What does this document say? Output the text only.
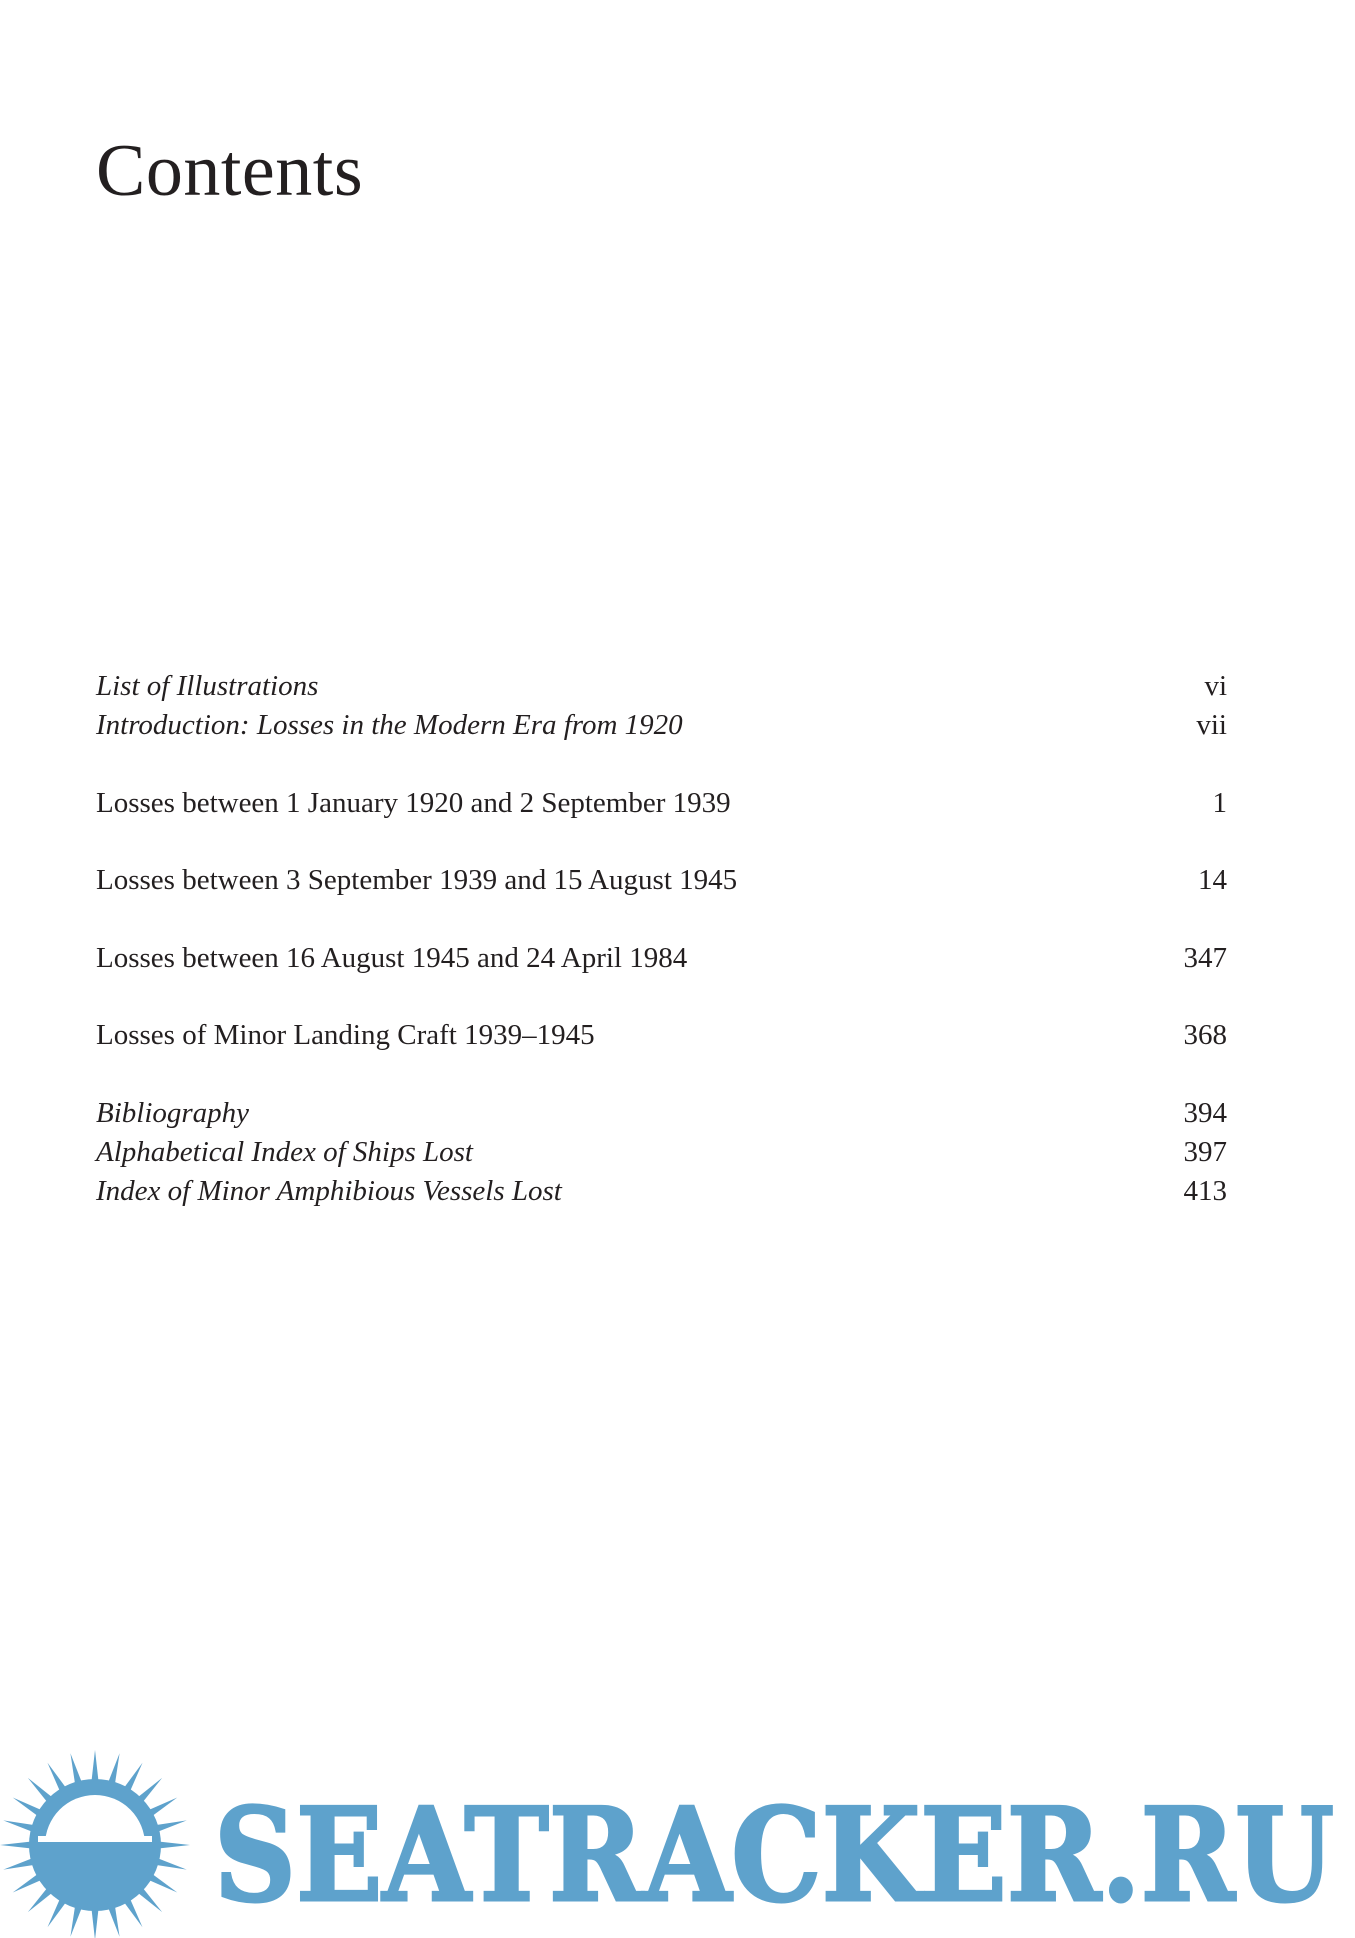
Contents
List of Illustrations	vi
Introduction: Losses in the Modern Era from 1920	vii
Losses between 1 January 1920 and 2 September 1939	1
Losses between 3 September 1939 and 15 August 1945	14
Losses between 16 August 1945 and 24 April 1984	347
Losses of Minor Landing Craft 1939–1945	368
Bibliography	394
Alphabetical Index of Ships Lost	397
Index of Minor Amphibious Vessels Lost	413
SEATRACKER.RU
